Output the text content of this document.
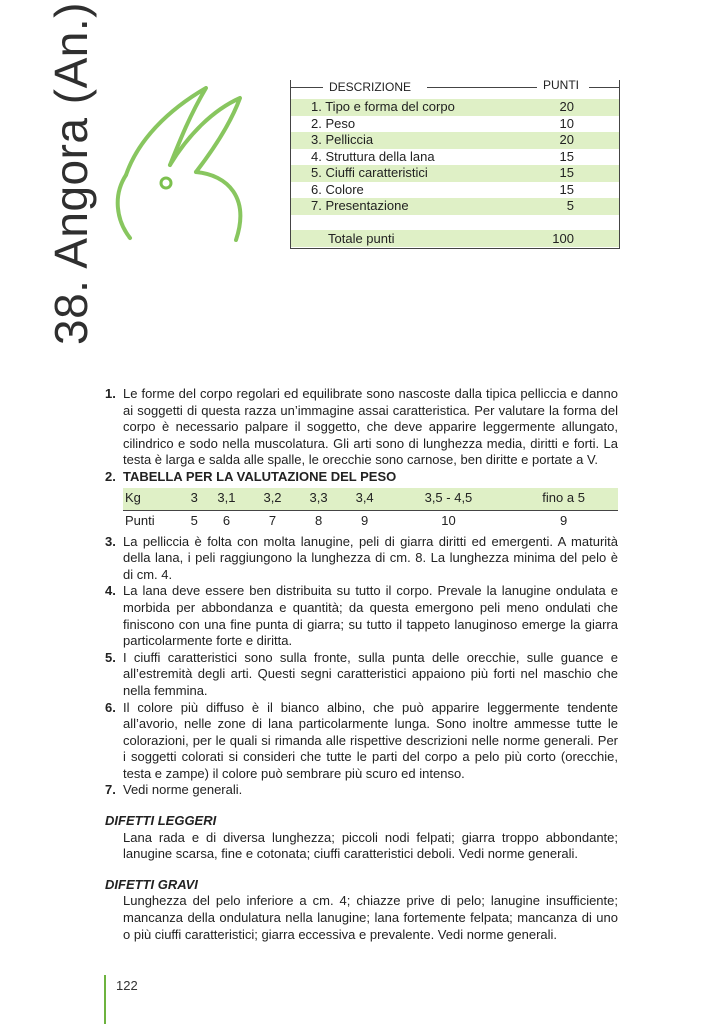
38. Angora (An.)	DESCRIZIONE	PUNTI
1. Tipo e forma del corpo	20
2. Peso	10
3. Pelliccia	20
4. Struttura della lana	15
5. Ciuffi caratteristici	15
6. Colore	15
7. Presentazione	5
Totale punti	100

1. Le forme del corpo regolari ed equilibrate sono nascoste dalla tipica pelliccia e danno ai soggetti di questa razza un’immagine assai caratteristica. Per valutare la forma del corpo è necessario palpare il soggetto, che deve apparire leggermente allungato, cilindrico e sodo nella muscolatura. Gli arti sono di lunghezza media, diritti e forti. La testa è larga e salda alle spalle, le orecchie sono carnose, ben diritte e portate a V.

2. TABELLA PER LA VALUTAZIONE DEL PESO

Kg	3	3,1	3,2	3,3	3,4	3,5 - 4,5	fino a 5
Punti	5	6	7	8	9	10	9

3. La pelliccia è folta con molta lanugine, peli di giarra diritti ed emergenti. A maturità della lana, i peli raggiungono la lunghezza di cm. 8. La lunghezza minima del pelo è di cm. 4.

4. La lana deve essere ben distribuita su tutto il corpo. Prevale la lanugine ondulata e morbida per abbondanza e quantità; da questa emergono peli meno ondulati che finiscono con una fine punta di giarra; su tutto il tappeto lanuginoso emerge la giarra particolarmente forte e diritta.

5. I ciuffi caratteristici sono sulla fronte, sulla punta delle orecchie, sulle guance e all’estremità degli arti. Questi segni caratteristici appaiono più forti nel maschio che nella femmina.

6. Il colore più diffuso è il bianco albino, che può apparire leggermente tendente all’avorio, nelle zone di lana particolarmente lunga. Sono inoltre ammesse tutte le colorazioni, per le quali si rimanda alle rispettive descrizioni nelle norme generali. Per i soggetti colorati si consideri che tutte le parti del corpo a pelo più corto (orecchie, testa e zampe) il colore può sembrare più scuro ed intenso.

7. Vedi norme generali.

DIFETTI LEGGERI
Lana rada e di diversa lunghezza; piccoli nodi felpati; giarra troppo abbondante; lanugine scarsa, fine e cotonata; ciuffi caratteristici deboli. Vedi norme generali.
DIFETTI GRAVI
Lunghezza del pelo inferiore a cm. 4; chiazze prive di pelo; lanugine insufficiente; mancanza della ondulatura nella lanugine; lana fortemente felpata; mancanza di uno o più ciuffi caratteristici; giarra eccessiva e prevalente. Vedi norme generali.
122
